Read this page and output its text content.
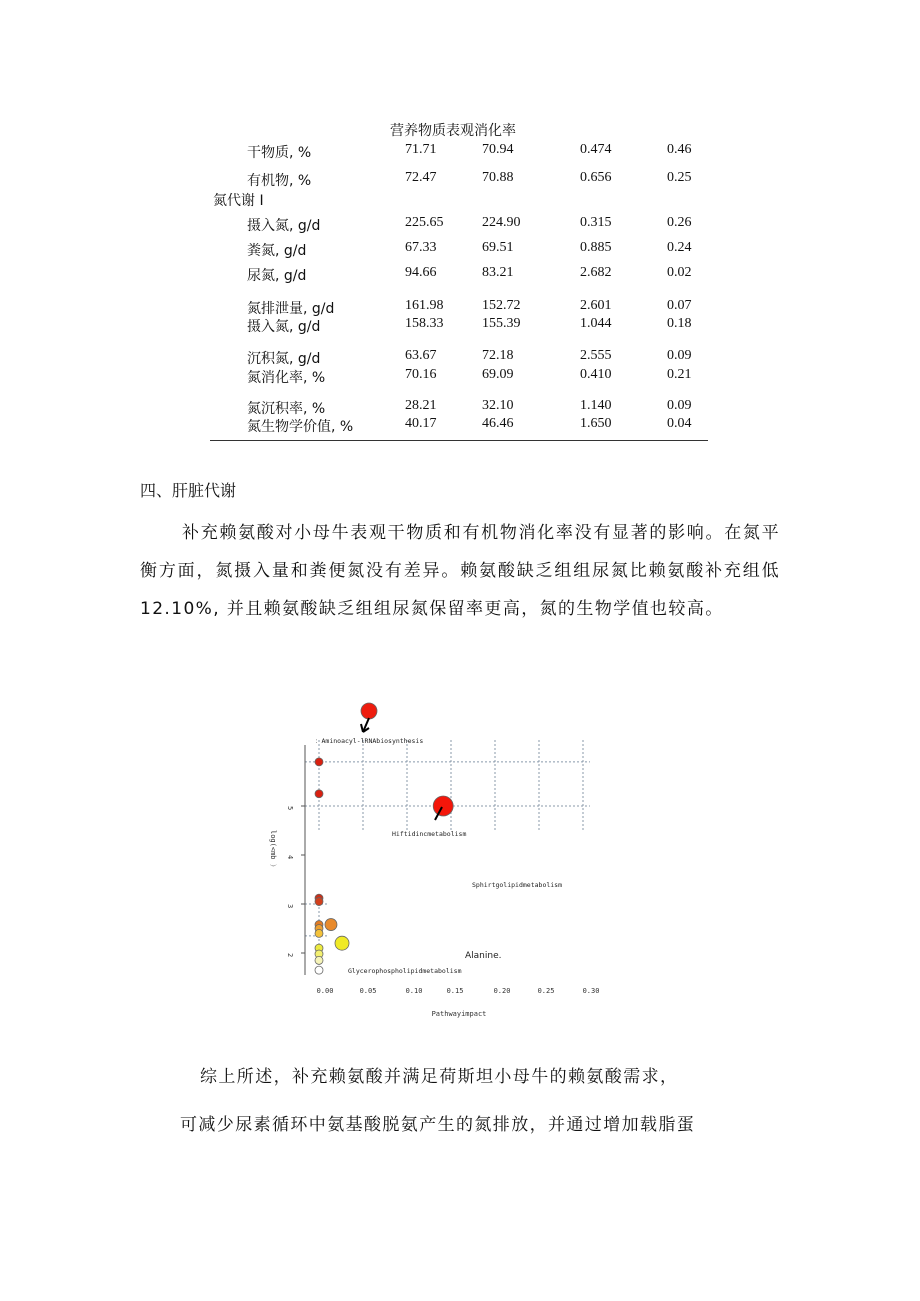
营养物质表观消化率
干物质, %	71.71	70.94	0.474	0.46
有机物, %	72.47	70.88	0.656	0.25
氮代谢 I
摄入氮, g/d	225.65	224.90	0.315	0.26
粪氮, g/d	67.33	69.51	0.885	0.24
尿氮, g/d	94.66	83.21	2.682	0.02
氮排泄量, g/d	161.98	152.72	2.601	0.07
摄入氮, g/d	158.33	155.39	1.044	0.18
沉积氮, g/d	63.67	72.18	2.555	0.09
氮消化率, %	70.16	69.09	0.410	0.21
氮沉积率, %	28.21	32.10	1.140	0.09
氮生物学价值, %	40.17	46.46	1.650	0.04
四、肝脏代谢
补充赖氨酸对小母牛表观干物质和有机物消化率没有显著的影响。在氮平衡方面，氮摄入量和粪便氮没有差异。赖氨酸缺乏组组尿氮比赖氨酸补充组低12.10%, 并且赖氨酸缺乏组组尿氮保留率更高，氮的生物学值也较高。
2
3
4
5
log(<mb ）
0.00	0.05	0.10	0.15	0.20	0.25	0.30
Pathwayimpact
：Aminoacyl-lRNAbiosynthesis
Hiftidincmetabolism
Sphirtgolipidmetabolism
Alanine.
Glycerophospholipidmetabolism
综上所述，补充赖氨酸并满足荷斯坦小母牛的赖氨酸需求，
可减少尿素循环中氨基酸脱氨产生的氮排放，并通过增加载脂蛋
